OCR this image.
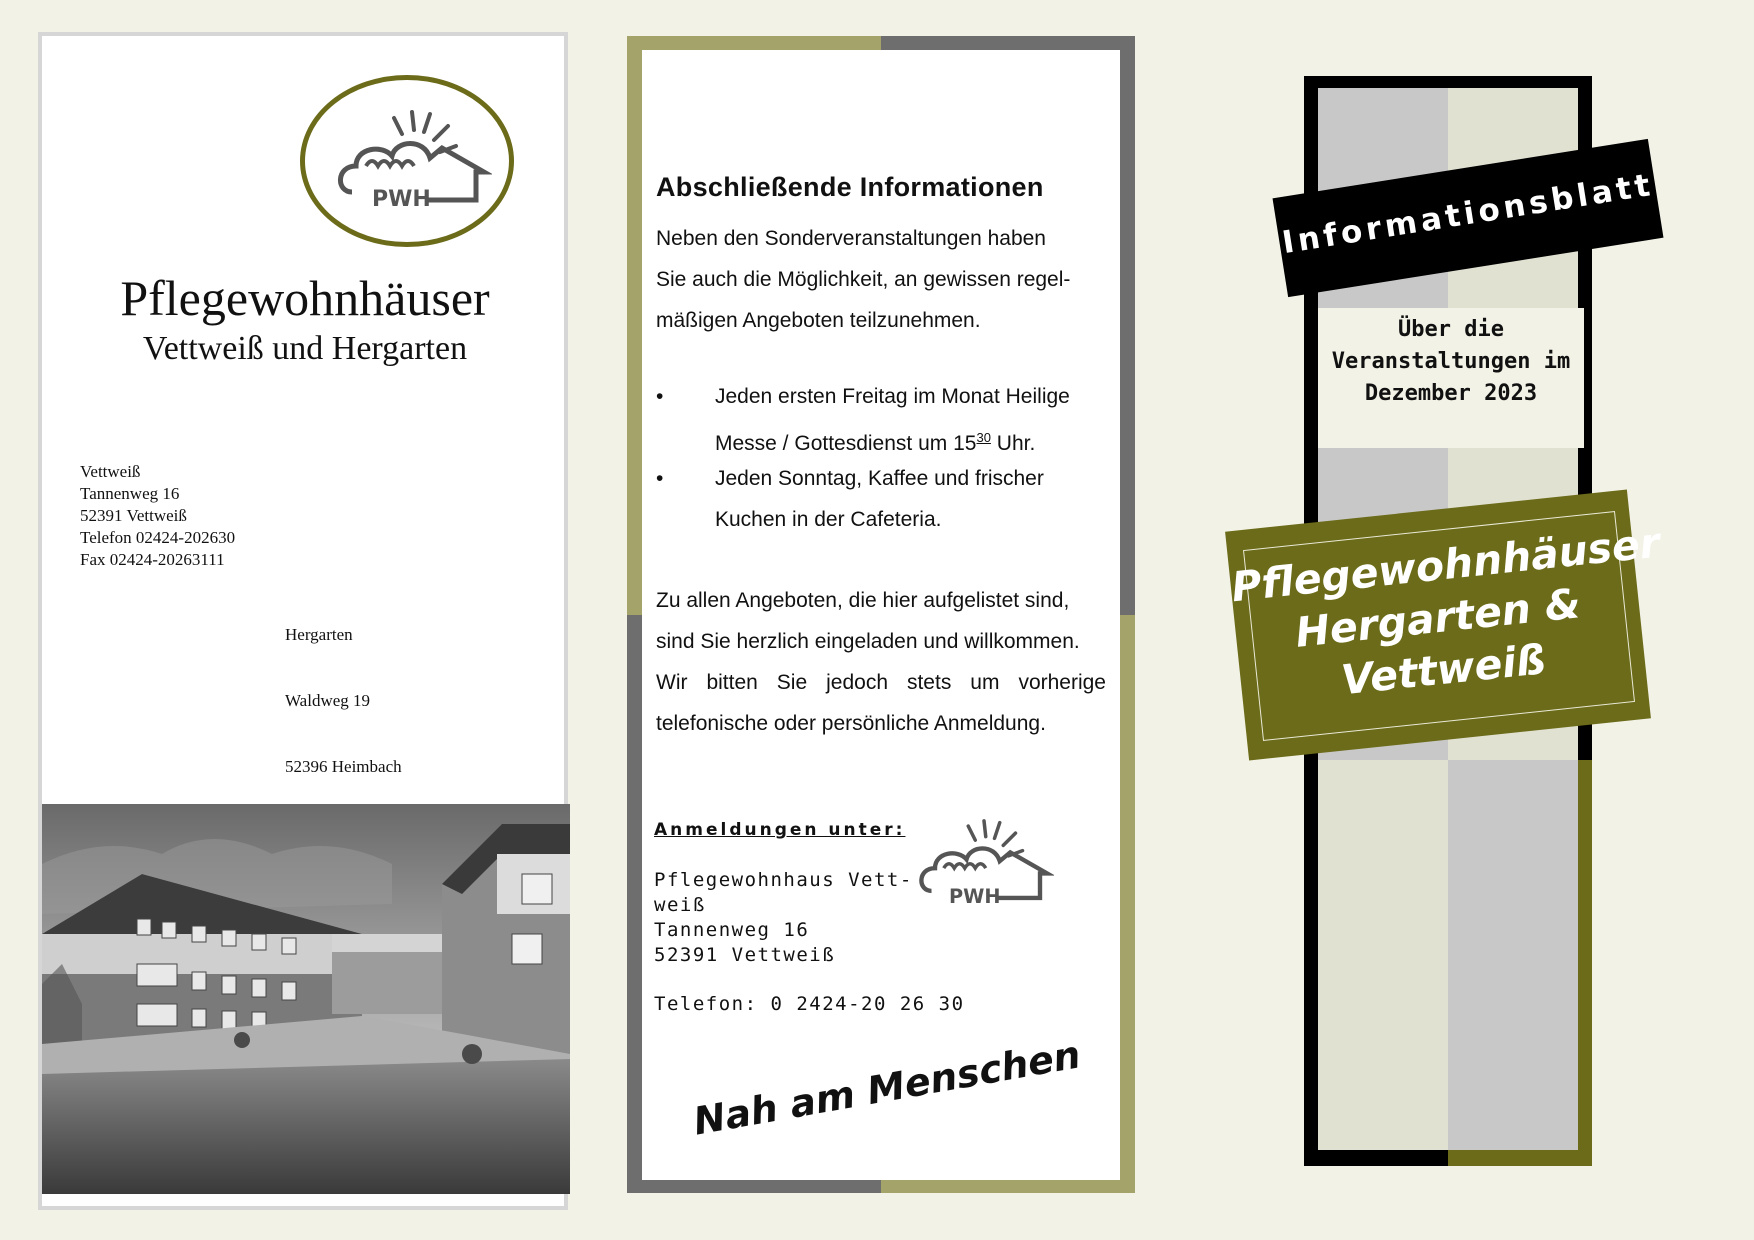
PWH
Pflegewohnhäuser
Vettweiß und Hergarten
Vettweiß
Tannenweg 16
52391 Vettweiß
Telefon 02424-202630
Fax 02424-20263111

Hergarten

Waldweg 19

52396 Heimbach

Abschließende Informationen
Neben den Sonderveranstaltungen haben
Sie auch die Möglichkeit, an gewissen regel-
mäßigen Angeboten teilzunehmen.
• Jeden ersten Freitag im Monat Heilige
Messe / Gottesdienst um $15^{30}$ Uhr.
• Jeden Sonntag, Kaffee und frischer
Kuchen in der Cafeteria.
Zu allen Angeboten, die hier aufgelistet sind,
sind Sie herzlich eingeladen und willkommen.
Wir bitten Sie jedoch stets um vorherige
telefonische oder persönliche Anmeldung.
Anmeldungen unter:
Pflegewohnhaus Vett-
weiß
Tannenweg 16
52391 Vettweiß
Telefon: 0 2424-20 26 30
PWH
Nah am Menschen
Informationsblatt
Über die
Veranstaltungen im
Dezember 2023
Pflegewohnhäuser
Hergarten &
Vettweiß
